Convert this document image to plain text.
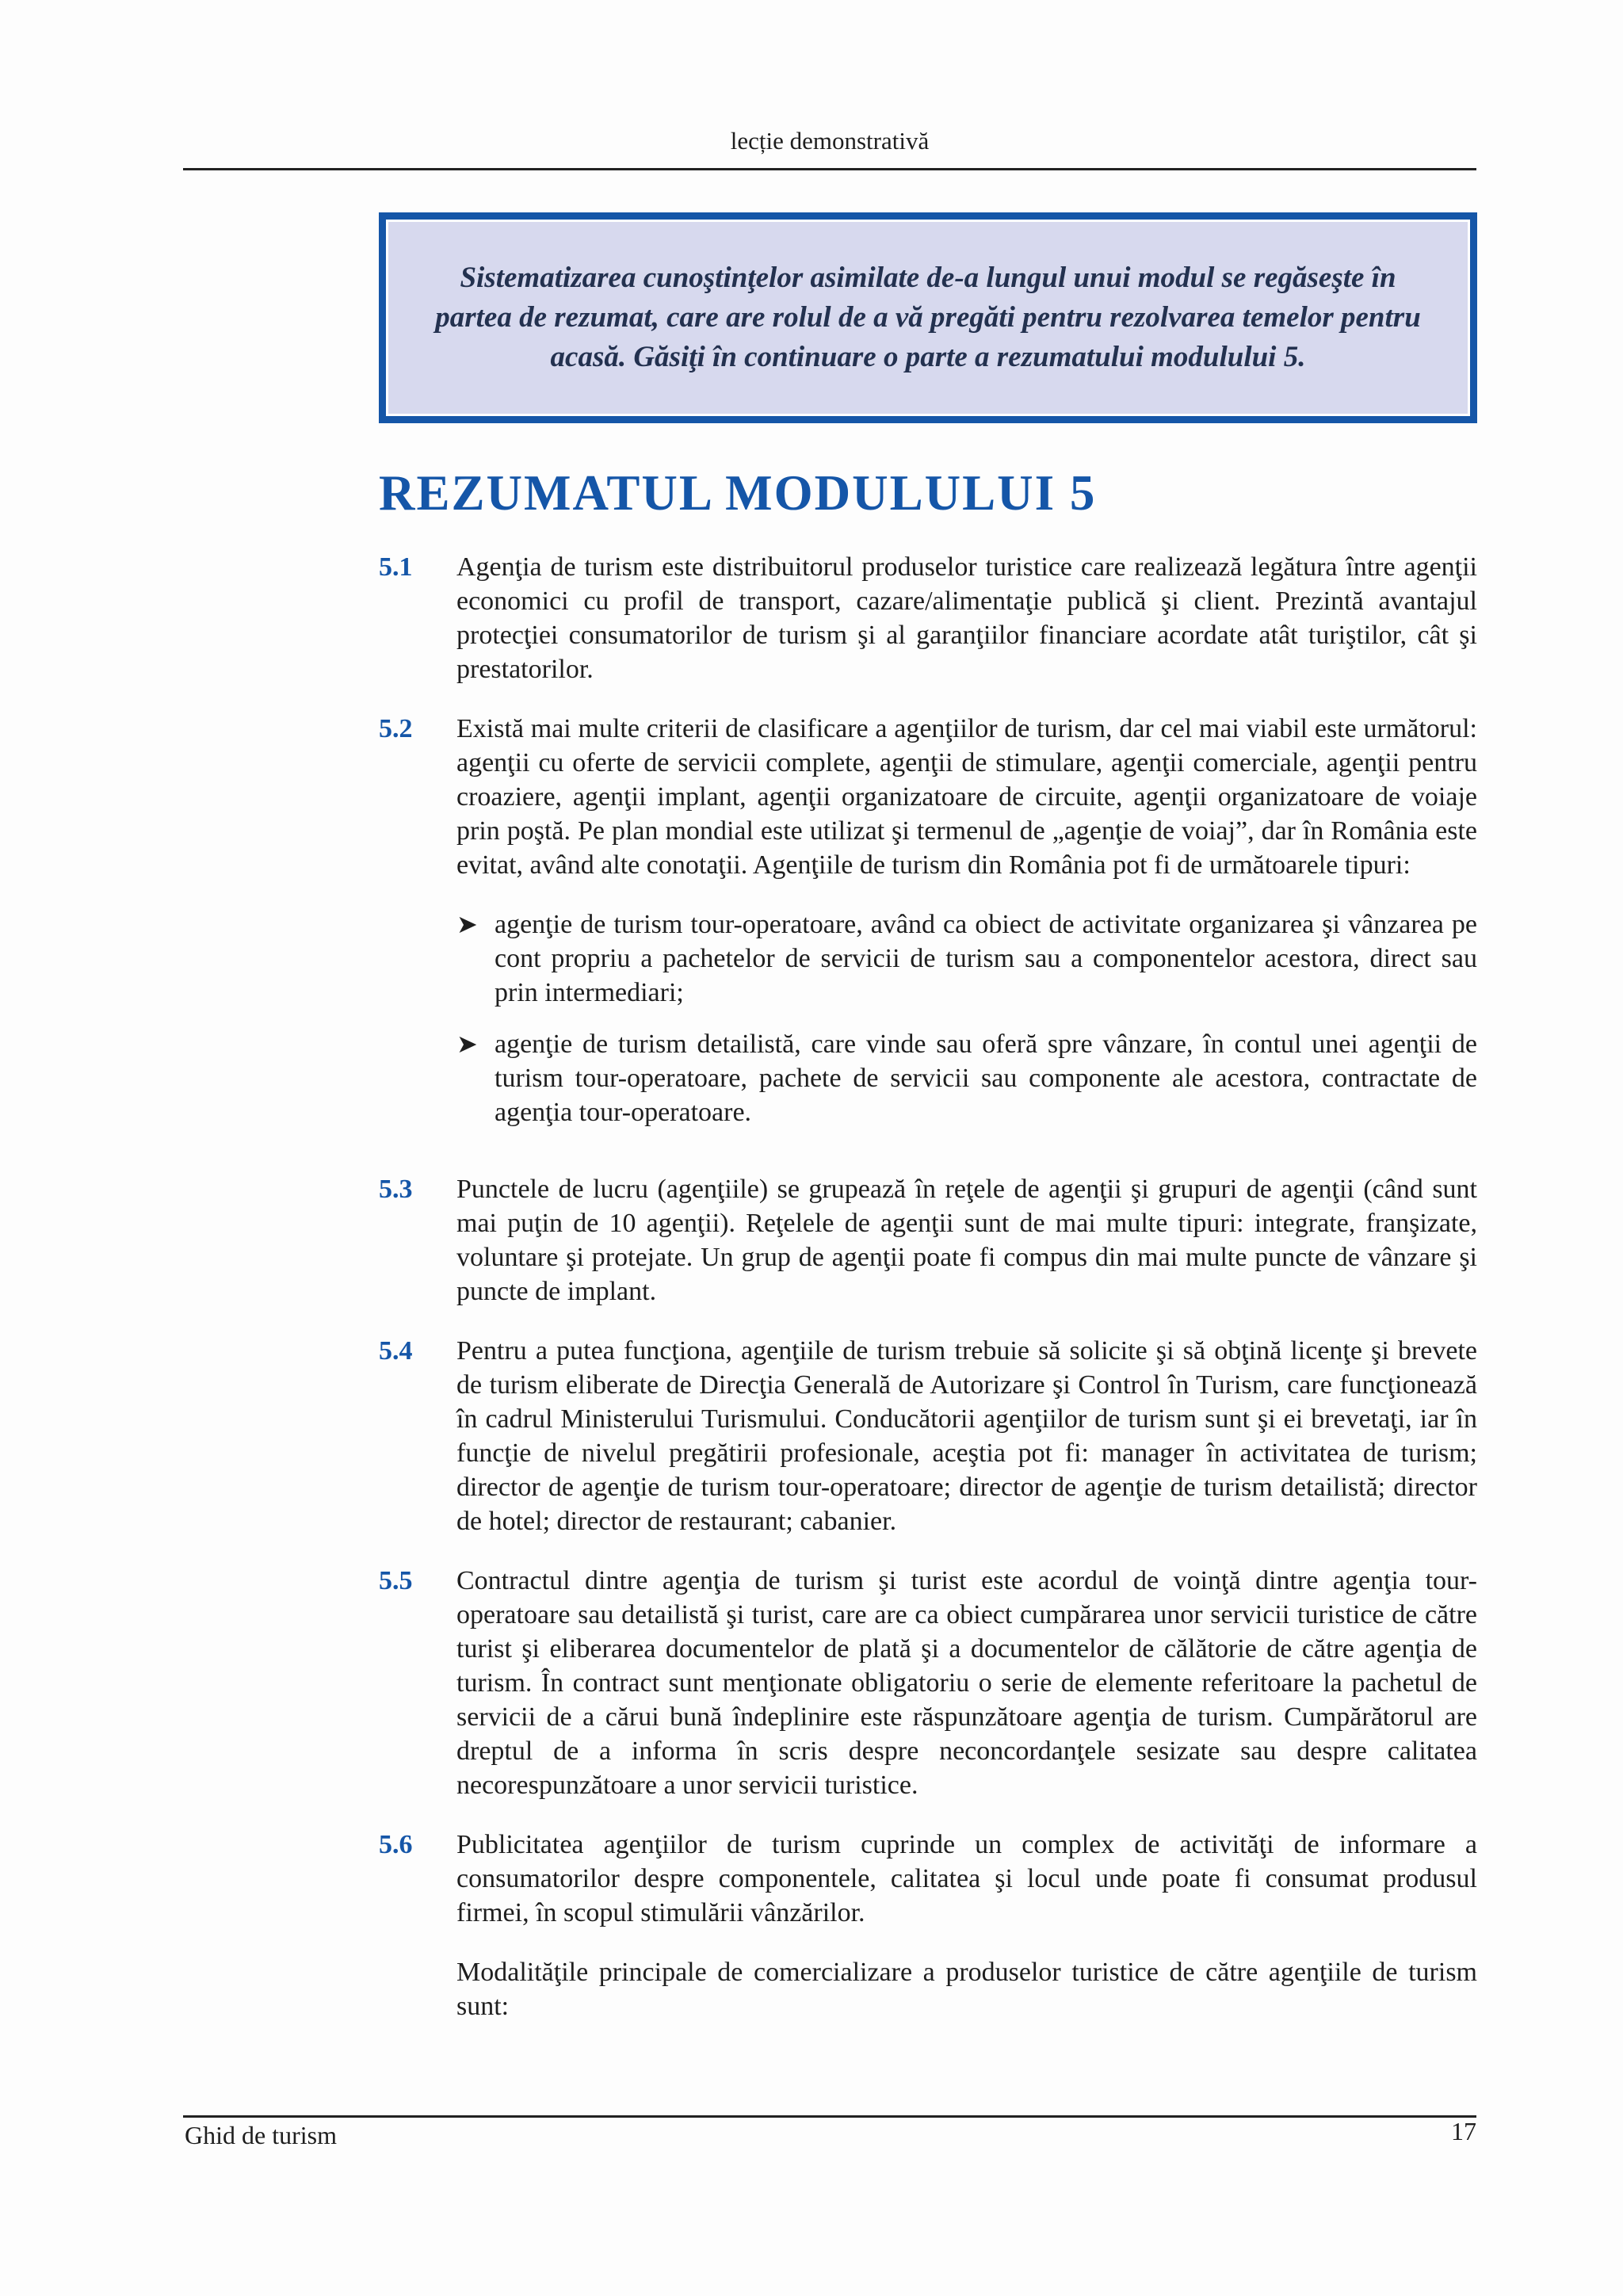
lecție demonstrativă

Sistematizarea cunoştinţelor asimilate de-a lungul unui modul se regăseşte în partea de rezumat, care are rolul de a vă pregăti pentru rezolvarea temelor pentru acasă. Găsiţi în continuare o parte a rezumatului modulului 5.

REZUMATUL MODULULUI 5
5.1	Agenţia de turism este distribuitorul produselor turistice care realizează legătura între agenţii economici cu profil de transport, cazare/alimentaţie publică şi client. Prezintă avantajul protecţiei consumatorilor de turism şi al garanţiilor financiare acordate atât turiştilor, cât şi prestatorilor.

5.2	Există mai multe criterii de clasificare a agenţiilor de turism, dar cel mai viabil este următorul: agenţii cu oferte de servicii complete, agenţii de stimulare, agenţii comerciale, agenţii pentru croaziere, agenţii implant, agenţii organizatoare de circuite, agenţii organizatoare de voiaje prin poştă. Pe plan mondial este utilizat şi termenul de „agenţie de voiaj”, dar în România este evitat, având alte conotaţii. Agenţiile de turism din România pot fi de următoarele tipuri:

➤ agenţie de turism tour-operatoare, având ca obiect de activitate organizarea şi vânzarea pe cont propriu a pachetelor de servicii de turism sau a componentelor acestora, direct sau prin intermediari;

➤ agenţie de turism detailistă, care vinde sau oferă spre vânzare, în contul unei agenţii de turism tour-operatoare, pachete de servicii sau componente ale acestora, contractate de agenţia tour-operatoare.

5.3	Punctele de lucru (agenţiile) se grupează în reţele de agenţii şi grupuri de agenţii (când sunt mai puţin de 10 agenţii). Reţelele de agenţii sunt de mai multe tipuri: integrate, franşizate, voluntare şi protejate. Un grup de agenţii poate fi compus din mai multe puncte de vânzare şi puncte de implant.

5.4	Pentru a putea funcţiona, agenţiile de turism trebuie să solicite şi să obţină licenţe şi brevete de turism eliberate de Direcţia Generală de Autorizare şi Control în Turism, care funcţionează în cadrul Ministerului Turismului. Conducătorii agenţiilor de turism sunt şi ei brevetaţi, iar în funcţie de nivelul pregătirii profesionale, aceştia pot fi: manager în activitatea de turism; director de agenţie de turism tour-operatoare; director de agenţie de turism detailistă; director de hotel; director de restaurant; cabanier.

5.5	Contractul dintre agenţia de turism şi turist este acordul de voinţă dintre agenţia tour-operatoare sau detailistă şi turist, care are ca obiect cumpărarea unor servicii turistice de către turist şi eliberarea documentelor de plată şi a documentelor de călătorie de către agenţia de turism. În contract sunt menţionate obligatoriu o serie de elemente referitoare la pachetul de servicii de a cărui bună îndeplinire este răspunzătoare agenţia de turism. Cumpărătorul are dreptul de a informa în scris despre neconcordanţele sesizate sau despre calitatea necorespunzătoare a unor servicii turistice.

5.6	Publicitatea agenţiilor de turism cuprinde un complex de activităţi de informare a consumatorilor despre componentele, calitatea şi locul unde poate fi consumat produsul firmei, în scopul stimulării vânzărilor.

Modalităţile principale de comercializare a produselor turistice de către agenţiile de turism sunt:

Ghid de turism	17
